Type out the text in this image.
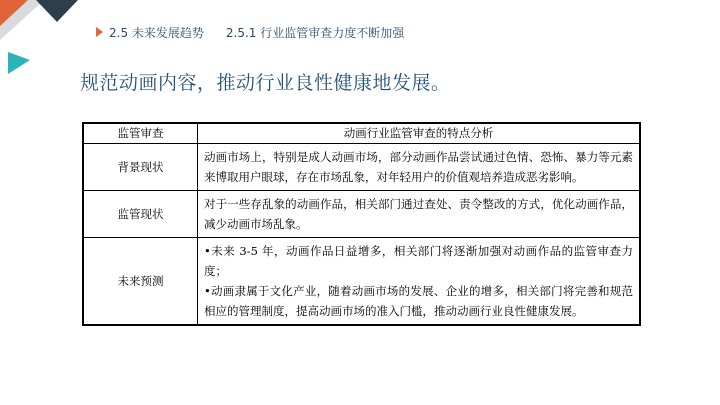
2.5 未来发展趋势 2.5.1 行业监管审查力度不断加强
规范动画内容，推动行业良性健康地发展。
监管审查	动画行业监管审查的特点分析
背景现状	动画市场上，特别是成人动画市场，部分动画作品尝试通过色情、恐怖、暴力等元素来博取用户眼球，存在市场乱象，对年轻用户的价值观培养造成恶劣影响。
监管现状	对于一些存乱象的动画作品，相关部门通过查处、责令整改的方式，优化动画作品，减少动画市场乱象。
未来预测	•未来 3-5 年，动画作品日益增多，相关部门将逐渐加强对动画作品的监管审查力度；
•动画隶属于文化产业，随着动画市场的发展、企业的增多，相关部门将完善和规范相应的管理制度，提高动画市场的准入门槛，推动动画行业良性健康发展。
